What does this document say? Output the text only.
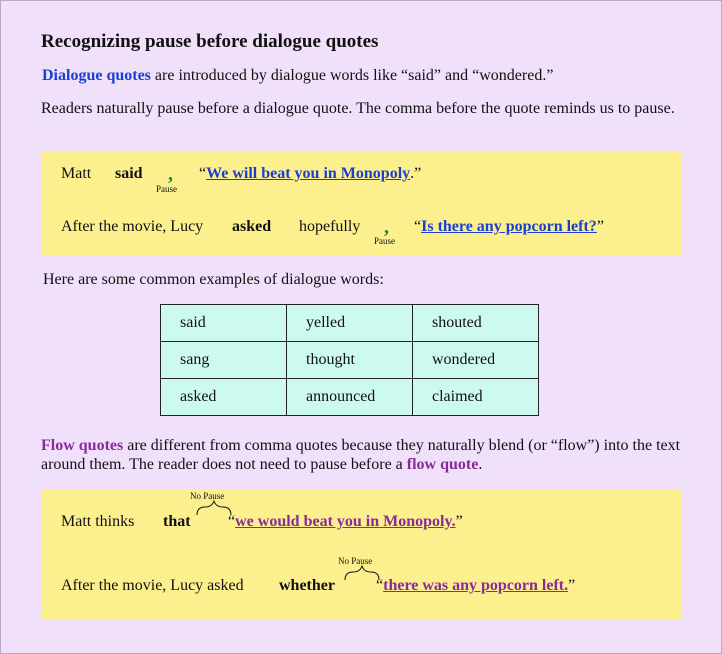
Recognizing pause before dialogue quotes
Dialogue quotes are introduced by dialogue words like “said” and “wondered.”
Readers naturally pause before a dialogue quote. The comma before the quote reminds us to pause.
Matt said ,
Pause
“We will beat you in Monopoly.”
After the movie, Lucy asked hopefully ,
Pause
“Is there any popcorn left?”
Here are some common examples of dialogue words:
said	yelled	shouted
sang	thought	wondered
asked	announced	claimed
Flow quotes are different from comma quotes because they naturally blend (or “flow”) into the text around them. The reader does not need to pause before a flow quote.
Matt thinks that
No Pause
“we would beat you in Monopoly.”
After the movie, Lucy asked whether
No Pause
“there was any popcorn left.”
